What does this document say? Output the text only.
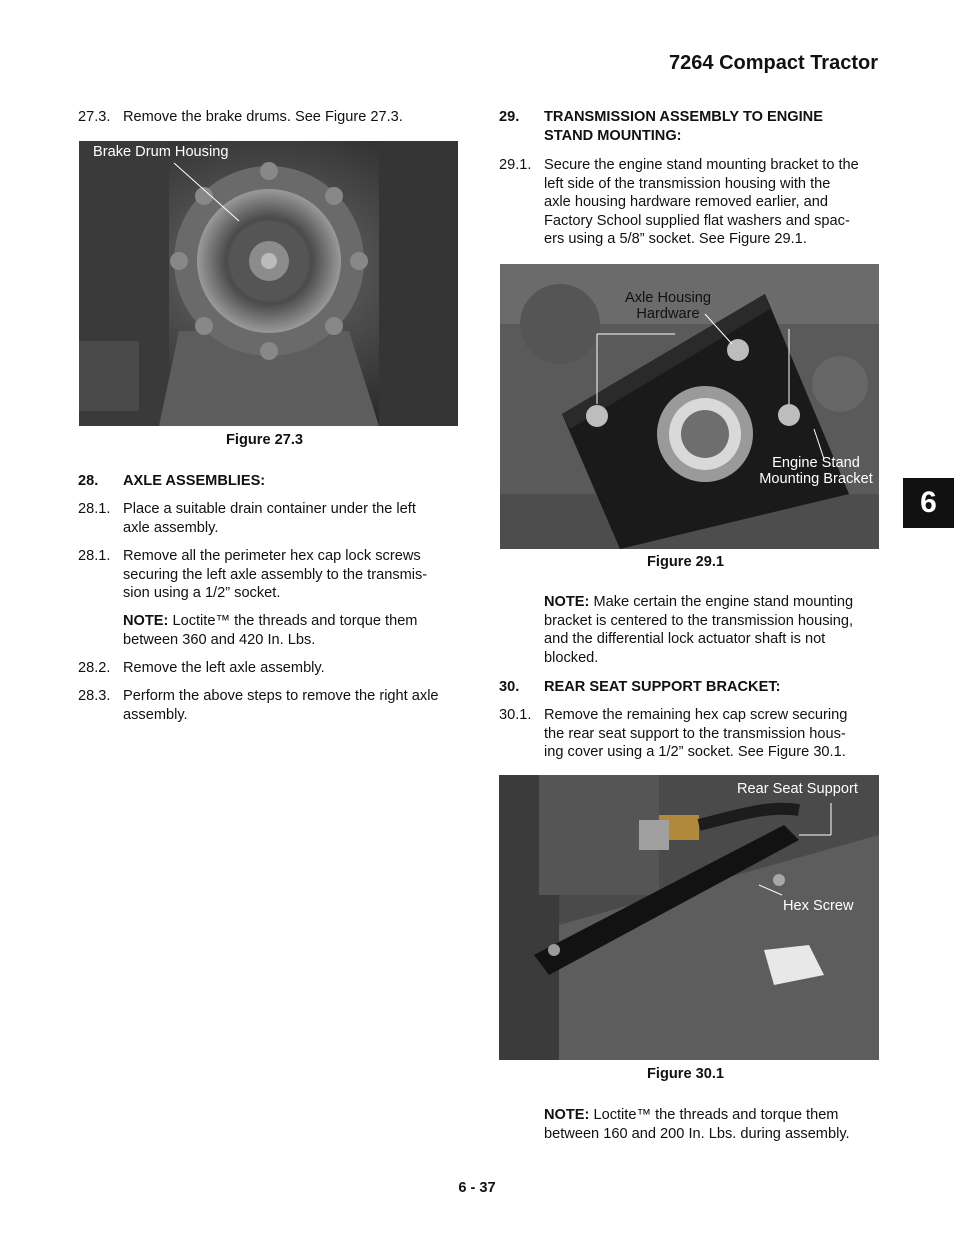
7264 Compact Tractor
6
27.3. Remove the brake drums. See Figure 27.3.
Brake Drum Housing
Figure 27.3
28. AXLE ASSEMBLIES:
28.1. Place a suitable drain container under the left
axle assembly.
28.1. Remove all the perimeter hex cap lock screws
securing the left axle assembly to the transmis-
sion using a 1/2” socket.
NOTE: Loctite™ the threads and torque them
between 360 and 420 In. Lbs.
28.2. Remove the left axle assembly.
28.3. Perform the above steps to remove the right axle
assembly.
29. TRANSMISSION ASSEMBLY TO ENGINE
STAND MOUNTING:
29.1. Secure the engine stand mounting bracket to the
left side of the transmission housing with the
axle housing hardware removed earlier, and
Factory School supplied flat washers and spac-
ers using a 5/8” socket. See Figure 29.1.
Axle Housing
Hardware
Engine Stand
Mounting Bracket
Figure 29.1
NOTE: Make certain the engine stand mounting
bracket is centered to the transmission housing,
and the differential lock actuator shaft is not
blocked.
30. REAR SEAT SUPPORT BRACKET:
30.1. Remove the remaining hex cap screw securing
the rear seat support to the transmission hous-
ing cover using a 1/2” socket. See Figure 30.1.
Rear Seat Support
Hex Screw
Figure 30.1
NOTE: Loctite™ the threads and torque them
between 160 and 200 In. Lbs. during assembly.
6 - 37
